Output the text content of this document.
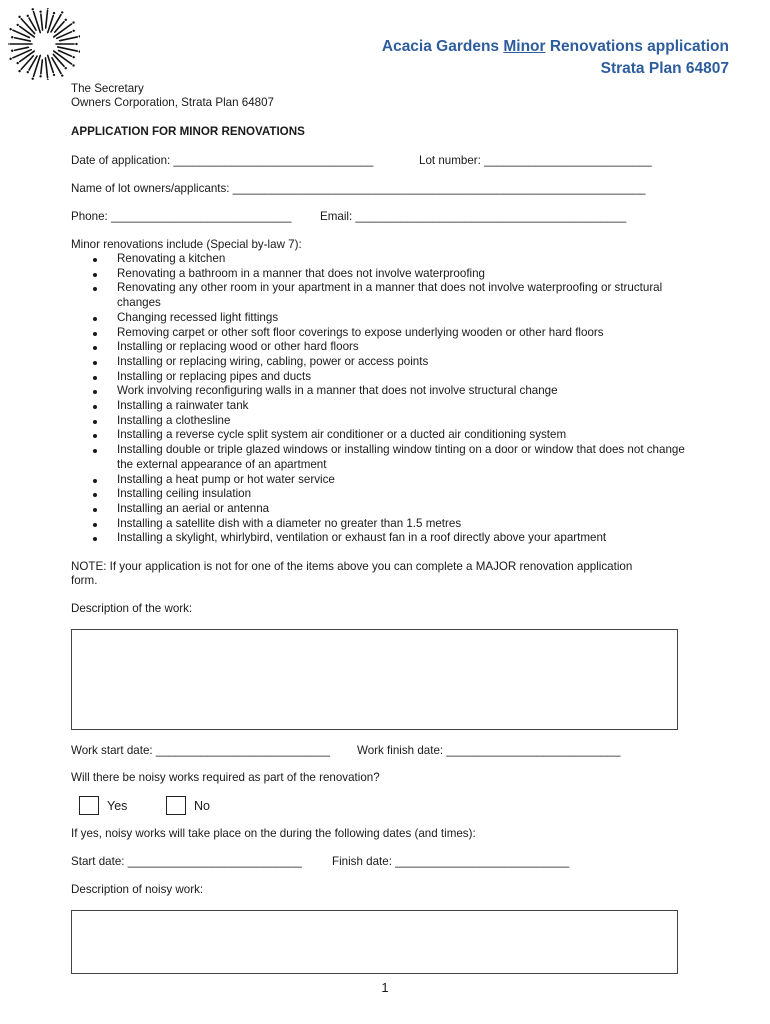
Acacia Gardens Minor Renovations application
Strata Plan 64807
The Secretary
Owners Corporation, Strata Plan 64807
APPLICATION FOR MINOR RENOVATIONS
Date of application: _______________________________	Lot number: __________________________
Name of lot owners/applicants: ________________________________________________________________
Phone: ____________________________ Email: __________________________________________
Minor renovations include (Special by-law 7):
Renovating a kitchen
Renovating a bathroom in a manner that does not involve waterproofing
Renovating any other room in your apartment in a manner that does not involve waterproofing or structural changes
Changing recessed light fittings
Removing carpet or other soft floor coverings to expose underlying wooden or other hard floors
Installing or replacing wood or other hard floors
Installing or replacing wiring, cabling, power or access points
Installing or replacing pipes and ducts
Work involving reconfiguring walls in a manner that does not involve structural change
Installing a rainwater tank
Installing a clothesline
Installing a reverse cycle split system air conditioner or a ducted air conditioning system
Installing double or triple glazed windows or installing window tinting on a door or window that does not change the external appearance of an apartment
Installing a heat pump or hot water service
Installing ceiling insulation
Installing an aerial or antenna
Installing a satellite dish with a diameter no greater than 1.5 metres
Installing a skylight, whirlybird, ventilation or exhaust fan in a roof directly above your apartment
NOTE: If your application is not for one of the items above you can complete a MAJOR renovation application
form.
Description of the work:
Work start date: ___________________________ Work finish date: ___________________________
Will there be noisy works required as part of the renovation?
Yes	No
If yes, noisy works will take place on the during the following dates (and times):
Start date: ___________________________	Finish date: ___________________________
Description of noisy work:
1
